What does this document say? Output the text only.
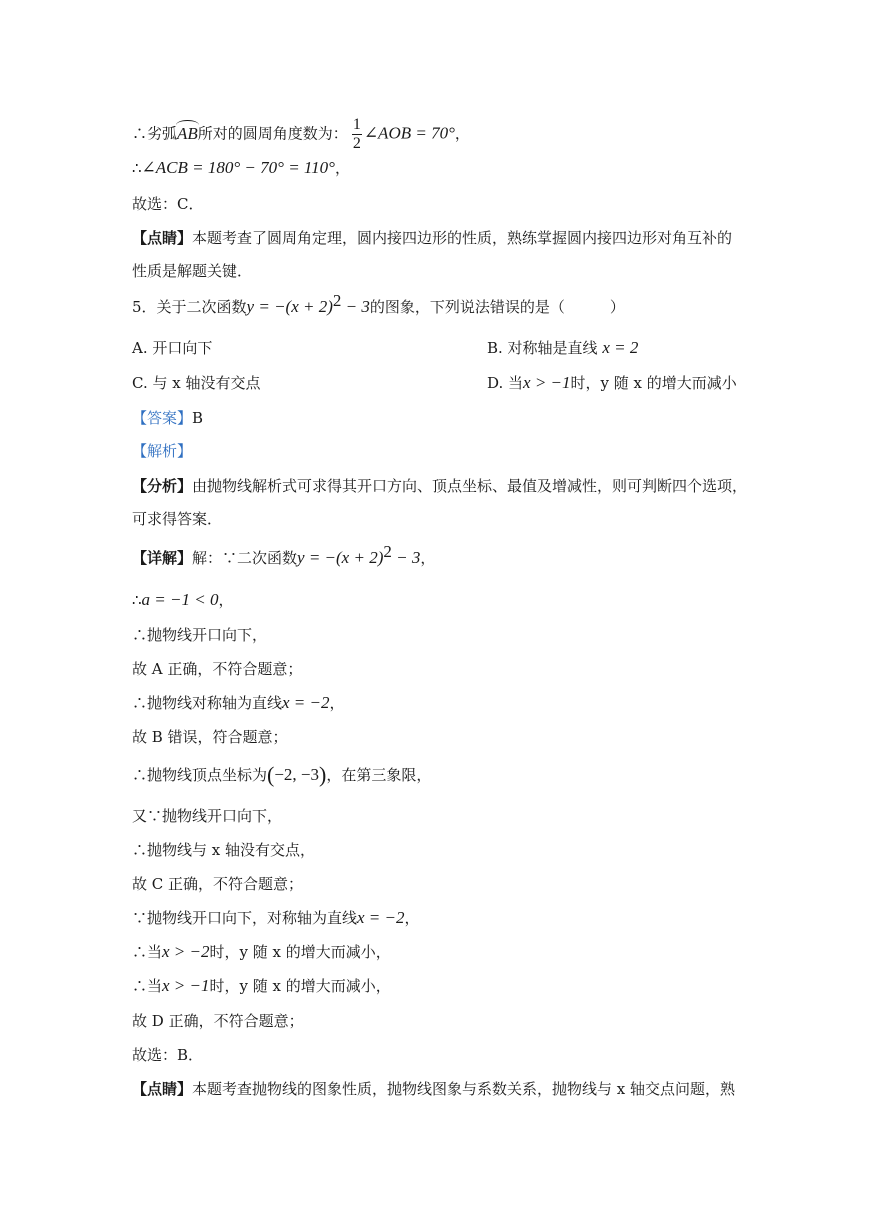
∴劣弧
AB所对的圆周角度数为： $\frac{1}{2}$ ∠AOB = 70°，
∴∠ACB = 180° − 70° = 110°，
故选：C．
【点睛】本题考查了圆周角定理，圆内接四边形的性质，熟练掌握圆内接四边形对角互补的
性质是解题关键．
5．关于二次函数$y = -(x + 2)^2 - 3$的图象，下列说法错误的是（　　　）
A. 开口向下	B. 对称轴是直线 x = 2
C. 与 x 轴没有交点	D. 当x > −1时，y 随 x 的增大而减小
【答案】B
【解析】
【分析】由抛物线解析式可求得其开口方向、顶点坐标、最值及增减性，则可判断四个选项，
可求得答案．
【详解】解：∵二次函数$y = -(x + 2)^2 - 3$，
∴a = −1 < 0，
∴抛物线开口向下，
故 A 正确，不符合题意；
∴抛物线对称轴为直线x = −2，
故 B 错误，符合题意；
∴抛物线顶点坐标为(−2, −3)，在第三象限，
又∵抛物线开口向下，
∴抛物线与 x 轴没有交点，
故 C 正确，不符合题意；
∵抛物线开口向下，对称轴为直线x = −2，
∴当x > −2时，y 随 x 的增大而减小，
∴当x > −1时，y 随 x 的增大而减小，
故 D 正确，不符合题意；
故选：B．
【点睛】本题考查抛物线的图象性质，抛物线图象与系数关系，抛物线与 x 轴交点问题，熟
